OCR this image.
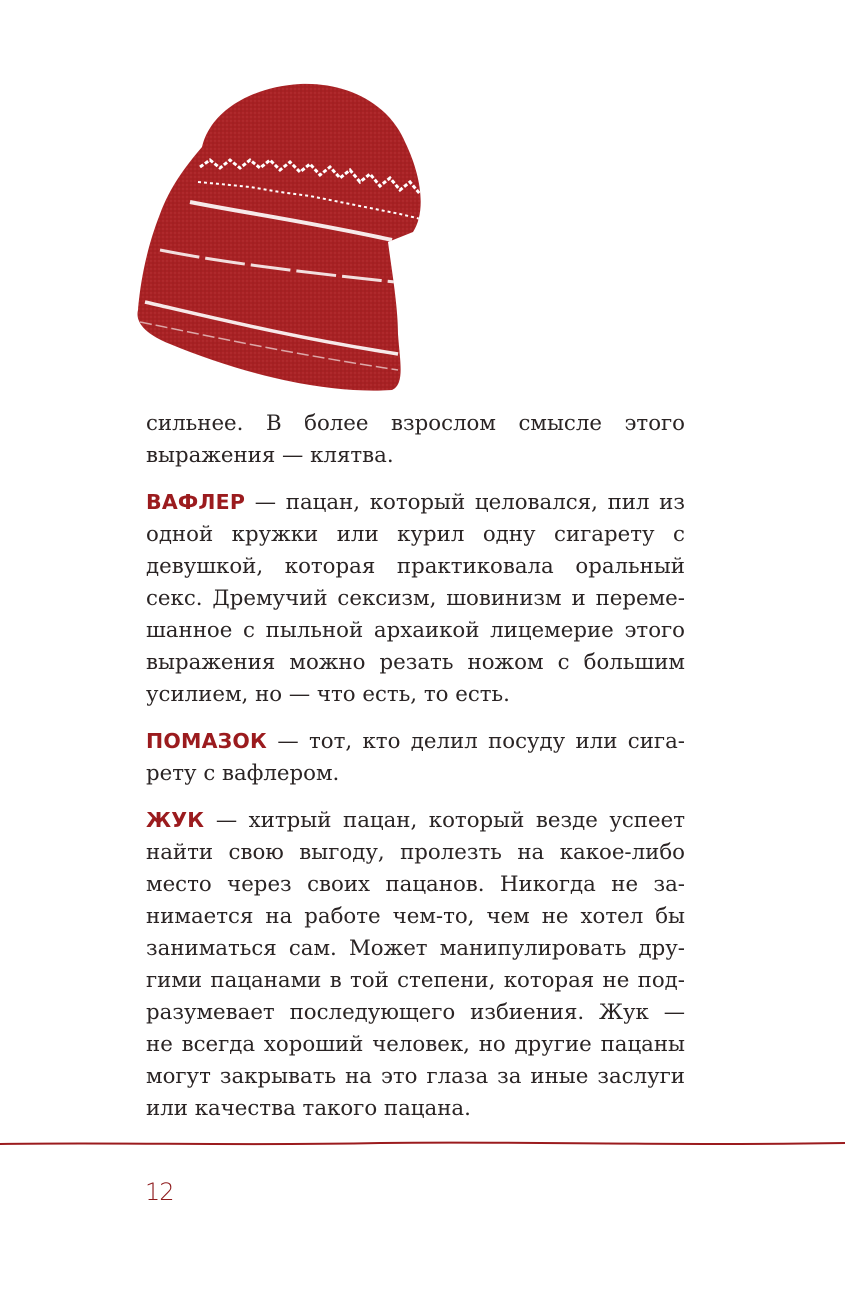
сильнее. В более взрослом смысле этого выражения — клятва.

ВАФЛЕР — пацан, который целовался, пил из одной кружки или курил одну сигарету с девушкой, которая практиковала оральный секс. Дремучий сексизм, шовинизм и перемешанное с пыльной архаикой лицемерие этого выражения можно резать ножом с большим усилием, но — что есть, то есть.

ПОМАЗОК — тот, кто делил посуду или сигарету с вафлером.

ЖУК — хитрый пацан, который везде успеет найти свою выгоду, пролезть на какое-либо место через своих пацанов. Никогда не занимается на работе чем-то, чем не хотел бы заниматься сам. Может манипулировать другими пацанами в той степени, которая не подразумевает последующего избиения. Жук — не всегда хороший человек, но другие пацаны могут закрывать на это глаза за иные заслуги или качества такого пацана.

12
